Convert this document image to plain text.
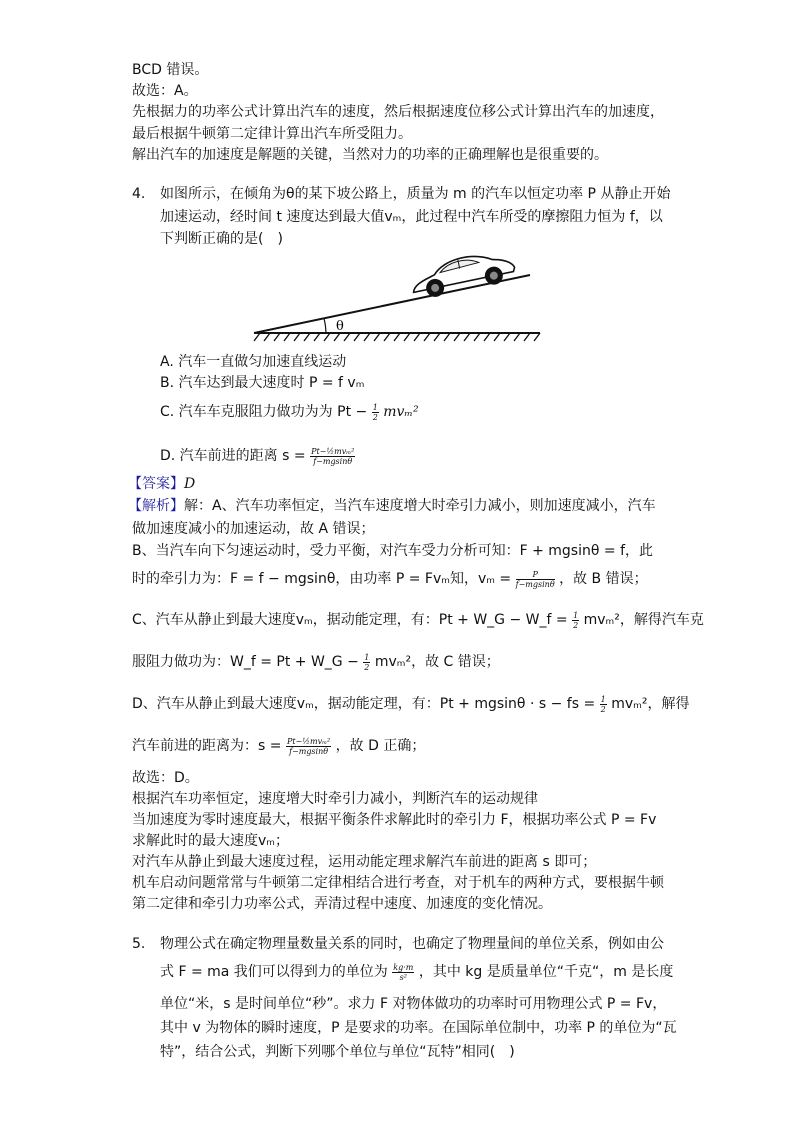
BCD 错误。
故选：A。
先根据力的功率公式计算出汽车的速度，然后根据速度位移公式计算出汽车的加速度，
最后根据牛顿第二定律计算出汽车所受阻力。
解出汽车的加速度是解题的关键，当然对力的功率的正确理解也是很重要的。
4. 如图所示，在倾角为θ的某下坡公路上，质量为 m 的汽车以恒定功率 P 从静止开始
加速运动，经时间 t 速度达到最大值vₘ，此过程中汽车所受的摩擦阻力恒为 f，以
下判断正确的是(　)
θ
A. 汽车一直做匀加速直线运动
B. 汽车达到最大速度时 P = f vₘ
C. 汽车车克服阻力做功为为 $Pt - \frac{1}{2} mv_m^2$
D. 汽车前进的距离 $s = \frac{\text{Pt−½mvₘ²}}{f-mgsin\theta}$
【答案】D
【解析】解：A、汽车功率恒定，当汽车速度增大时牵引力减小，则加速度减小，汽车
做加速度减小的加速运动，故 A 错误；
B、当汽车向下匀速运动时，受力平衡，对汽车受力分析可知：F + mgsinθ = f，此
时的牵引力为：F = f − mgsinθ，由功率 P = Fvₘ知，$v_m = \frac{P}{f-mgsin\theta}$ ，故 B 错误；
C、汽车从静止到最大速度vₘ，据动能定理，有：Pt + W_G − W_f = $\frac{1}{2} mv_m^2$，解得汽车克
服阻力做功为：W_f = Pt + W_G − $\frac{1}{2} mv_m^2$，故 C 错误；
D、汽车从静止到最大速度vₘ，据动能定理，有：Pt + mgsinθ · s − fs = $\frac{1}{2} mv_m^2$，解得
汽车前进的距离为：$s = \frac{\text{Pt−½mvₘ²}}{f-mgsin\theta}$ ，故 D 正确；
故选：D。
根据汽车功率恒定，速度增大时牵引力减小，判断汽车的运动规律
当加速度为零时速度最大，根据平衡条件求解此时的牵引力 F，根据功率公式 P = Fv
求解此时的最大速度vₘ；
对汽车从静止到最大速度过程，运用动能定理求解汽车前进的距离 s 即可；
机车启动问题常常与牛顿第二定律相结合进行考查，对于机车的两种方式，要根据牛顿
第二定律和牵引力功率公式，弄清过程中速度、加速度的变化情况。
5. 物理公式在确定物理量数量关系的同时，也确定了物理量间的单位关系，例如由公
式 F = ma 我们可以得到力的单位为 $\frac{kg\cdot m}{\text{s²}}$ ，其中 kg 是质量单位“千克“，m 是长度
单位“米，s 是时间单位“秒”。求力 F 对物体做功的功率时可用物理公式 P = Fv，
其中 v 为物体的瞬时速度，P 是要求的功率。在国际单位制中，功率 P 的单位为“瓦
特”，结合公式，判断下列哪个单位与单位“瓦特”相同(　)
